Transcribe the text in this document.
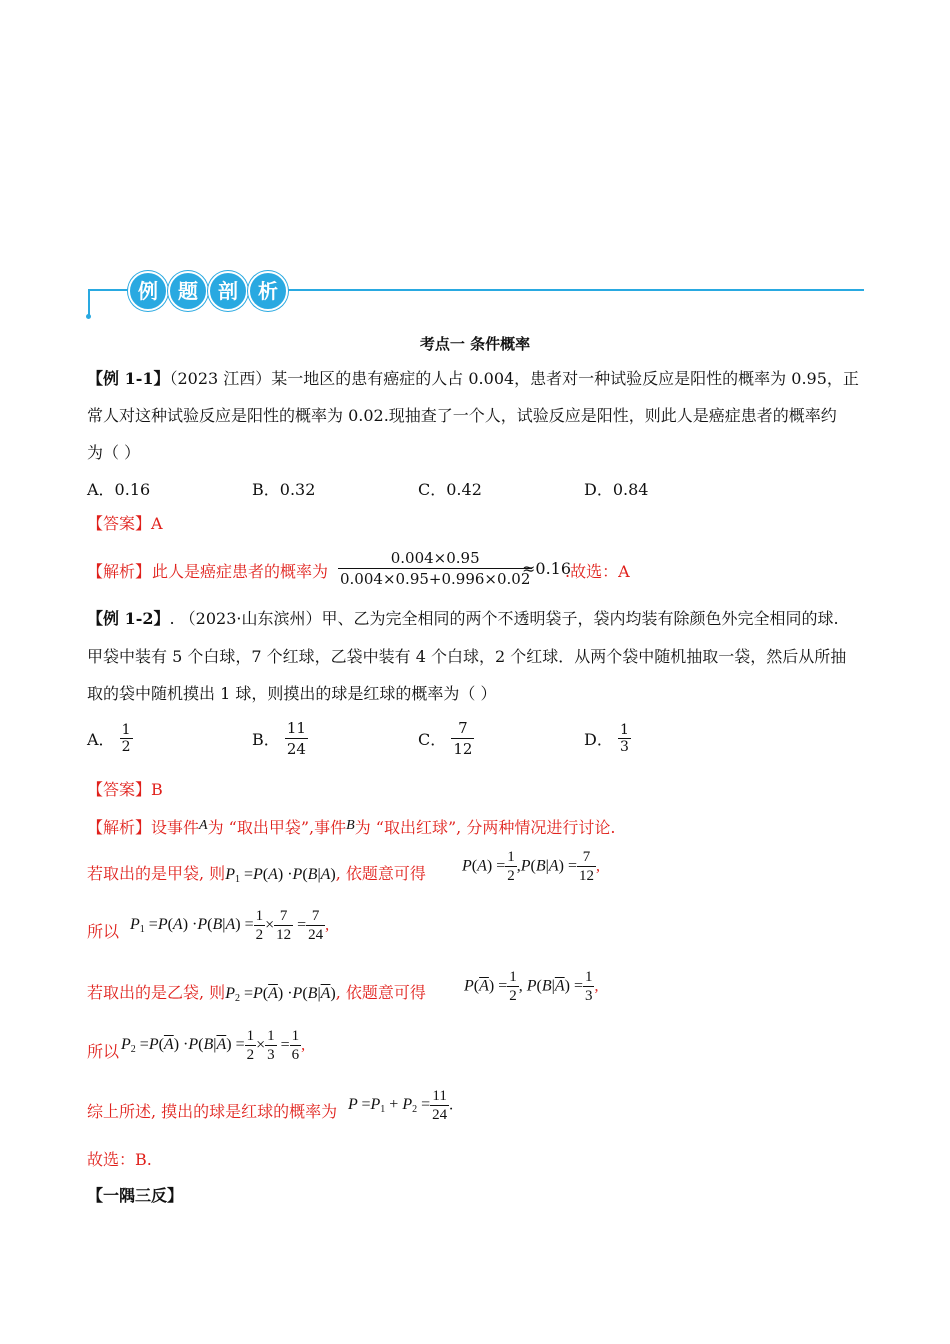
例	题	剖	析
考点一 条件概率
【例 1-1】（2023 江西）某一地区的患有癌症的人占 0.004，患者对一种试验反应是阳性的概率为 0.95，正
常人对这种试验反应是阳性的概率为 0.02.现抽查了一个人，试验反应是阳性，则此人是癌症患者的概率约
为（ ）
A．0.16	B．0.32	C．0.42	D．0.84
【答案】A
【解析】 此人是癌症患者的概率为 $\frac{0.004\times 0.95}{0.004\times 0.95+0.996\times 0.02}$
≈0.16
.故选：A
【例 1-2】. （2023·山东滨州）甲、乙为完全相同的两个不透明袋子，袋内均装有除颜色外完全相同的球.
甲袋中装有 5 个白球，7 个红球，乙袋中装有 4 个白球，2 个红球．从两个袋中随机抽取一袋，然后从所抽
取的袋中随机摸出 1 球，则摸出的球是红球的概率为（ ）
A． $\frac{1}{2}$	B． $\frac{11}{24}$	C． $\frac{7}{12}$	D． $\frac{1}{3}$
【答案】B
【解析】设事件A为 “取出甲袋”,事件B为 “取出红球”, 分两种情况进行讨论.
若取出的是甲袋, 则$P_1 =P(A) \cdot P(B|A)$, 依题意可得 $P(A) = \frac{1}{2} ,P(B|A) = \frac{7}{12}$ ,
所以 $P_1 =P(A) \cdot P(B|A) = \frac{1}{2} \times \frac{7}{12} = \frac{7}{24}$ ,
若取出的是乙袋, 则$P_2 =P(\overline{A}) \cdot P(B|\overline{A})$, 依题意可得 $P(\overline{A}) = \frac{1}{2}$ , $P(B|\overline{A}) = \frac{1}{3}$ ,
所以 $P_2 =P(\overline{A}) \cdot P(B|\overline{A}) = \frac{1}{2} \times \frac{1}{3} = \frac{1}{6}$ ,
综上所述, 摸出的球是红球的概率为 $P =P_1 + P_2 = \frac{11}{24}$ .
故选：B.
【一隅三反】
